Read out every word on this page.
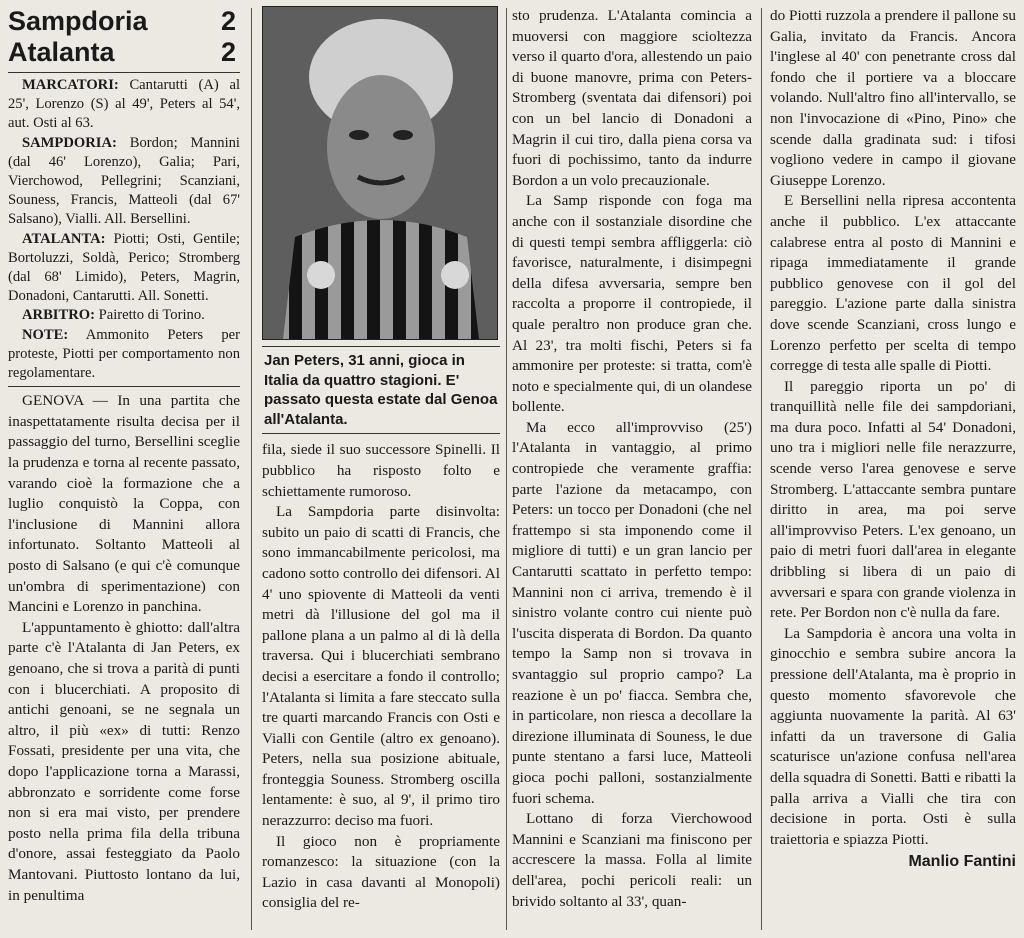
Sampdoria	2
Atalanta	2

MARCATORI: Cantarutti (A) al 25', Lorenzo (S) al 49', Peters al 54', aut. Osti al 63.

SAMPDORIA: Bordon; Mannini (dal 46' Lorenzo), Galia; Pari, Vierchowod, Pellegrini; Scanziani, Souness, Francis, Matteoli (dal 67' Salsano), Vialli. All. Bersellini.

ATALANTA: Piotti; Osti, Gentile; Bortoluzzi, Soldà, Perico; Stromberg (dal 68' Limido), Peters, Magrin, Donadoni, Cantarutti. All. Sonetti.

ARBITRO: Pairetto di Torino.

NOTE: Ammonito Peters per proteste, Piotti per comportamento non regolamentare.

GENOVA — In una partita che inaspettatamente risulta decisa per il passaggio del turno, Bersellini sceglie la prudenza e torna al recente passato, varando cioè la formazione che a luglio conquistò la Coppa, con l'inclusione di Mannini allora infortunato. Soltanto Matteoli al posto di Salsano (e qui c'è comunque un'ombra di sperimentazione) con Mancini e Lorenzo in panchina.

L'appuntamento è ghiotto: dall'altra parte c'è l'Atalanta di Jan Peters, ex genoano, che si trova a parità di punti con i blucerchiati. A proposito di antichi genoani, se ne segnala un altro, il più «ex» di tutti: Renzo Fossati, presidente per una vita, che dopo l'applicazione torna a Marassi, abbronzato e sorridente come forse non si era mai visto, per prendere posto nella prima fila della tribuna d'onore, assai festeggiato da Paolo Mantovani. Piuttosto lontano da lui, in penultima

Jan Peters, 31 anni, gioca in Italia da quattro stagioni. E' passato questa estate dal Genoa all'Atalanta.

fila, siede il suo successore Spinelli. Il pubblico ha risposto folto e schiettamente rumoroso.

La Sampdoria parte disinvolta: subito un paio di scatti di Francis, che sono immancabilmente pericolosi, ma cadono sotto controllo dei difensori. Al 4' uno spiovente di Matteoli da venti metri dà l'illusione del gol ma il pallone plana a un palmo al di là della traversa. Qui i blucerchiati sembrano decisi a esercitare a fondo il controllo; l'Atalanta si limita a fare steccato sulla tre quarti marcando Francis con Osti e Vialli con Gentile (altro ex genoano). Peters, nella sua posizione abituale, fronteggia Souness. Stromberg oscilla lentamente: è suo, al 9', il primo tiro nerazzurro: deciso ma fuori.

Il gioco non è propriamente romanzesco: la situazione (con la Lazio in casa davanti al Monopoli) consiglia del re-

sto prudenza. L'Atalanta comincia a muoversi con maggiore scioltezza verso il quarto d'ora, allestendo un paio di buone manovre, prima con Peters-Stromberg (sventata dai difensori) poi con un bel lancio di Donadoni a Magrin il cui tiro, dalla piena corsa va fuori di pochissimo, tanto da indurre Bordon a un volo precauzionale.

La Samp risponde con foga ma anche con il sostanziale disordine che di questi tempi sembra affliggerla: ciò favorisce, naturalmente, i disimpegni della difesa avversaria, sempre ben raccolta a proporre il contropiede, il quale peraltro non produce gran che. Al 23', tra molti fischi, Peters si fa ammonire per proteste: si tratta, com'è noto e specialmente qui, di un olandese bollente.

Ma ecco all'improvviso (25') l'Atalanta in vantaggio, al primo contropiede che veramente graffia: parte l'azione da metacampo, con Peters: un tocco per Donadoni (che nel frattempo si sta imponendo come il migliore di tutti) e un gran lancio per Cantarutti scattato in perfetto tempo: Mannini non ci arriva, tremendo è il sinistro volante contro cui niente può l'uscita disperata di Bordon. Da quanto tempo la Samp non si trovava in svantaggio sul proprio campo? La reazione è un po' fiacca. Sembra che, in particolare, non riesca a decollare la direzione illuminata di Souness, le due punte stentano a farsi luce, Matteoli gioca pochi palloni, sostanzialmente fuori schema.

Lottano di forza Vierchowood Mannini e Scanziani ma finiscono per accrescere la massa. Folla al limite dell'area, pochi pericoli reali: un brivido soltanto al 33', quan-

do Piotti ruzzola a prendere il pallone su Galia, invitato da Francis. Ancora l'inglese al 40' con penetrante cross dal fondo che il portiere va a bloccare volando. Null'altro fino all'intervallo, se non l'invocazione di «Pino, Pino» che scende dalla gradinata sud: i tifosi vogliono vedere in campo il giovane Giuseppe Lorenzo.

E Bersellini nella ripresa accontenta anche il pubblico. L'ex attaccante calabrese entra al posto di Mannini e ripaga immediatamente il grande pubblico genovese con il gol del pareggio. L'azione parte dalla sinistra dove scende Scanziani, cross lungo e Lorenzo perfetto per scelta di tempo corregge di testa alle spalle di Piotti.

Il pareggio riporta un po' di tranquillità nelle file dei sampdoriani, ma dura poco. Infatti al 54' Donadoni, uno tra i migliori nelle file nerazzurre, scende verso l'area genovese e serve Stromberg. L'attaccante sembra puntare diritto in area, ma poi serve all'improvviso Peters. L'ex genoano, un paio di metri fuori dall'area in elegante dribbling si libera di un paio di avversari e spara con grande violenza in rete. Per Bordon non c'è nulla da fare.

La Sampdoria è ancora una volta in ginocchio e sembra subire ancora la pressione dell'Atalanta, ma è proprio in questo momento sfavorevole che aggiunta nuovamente la parità. Al 63' infatti da un traversone di Galia scaturisce un'azione confusa nell'area della squadra di Sonetti. Batti e ribatti la palla arriva a Vialli che tira con decisione in porta. Osti è sulla traiettoria e spiazza Piotti.

Manlio Fantini
